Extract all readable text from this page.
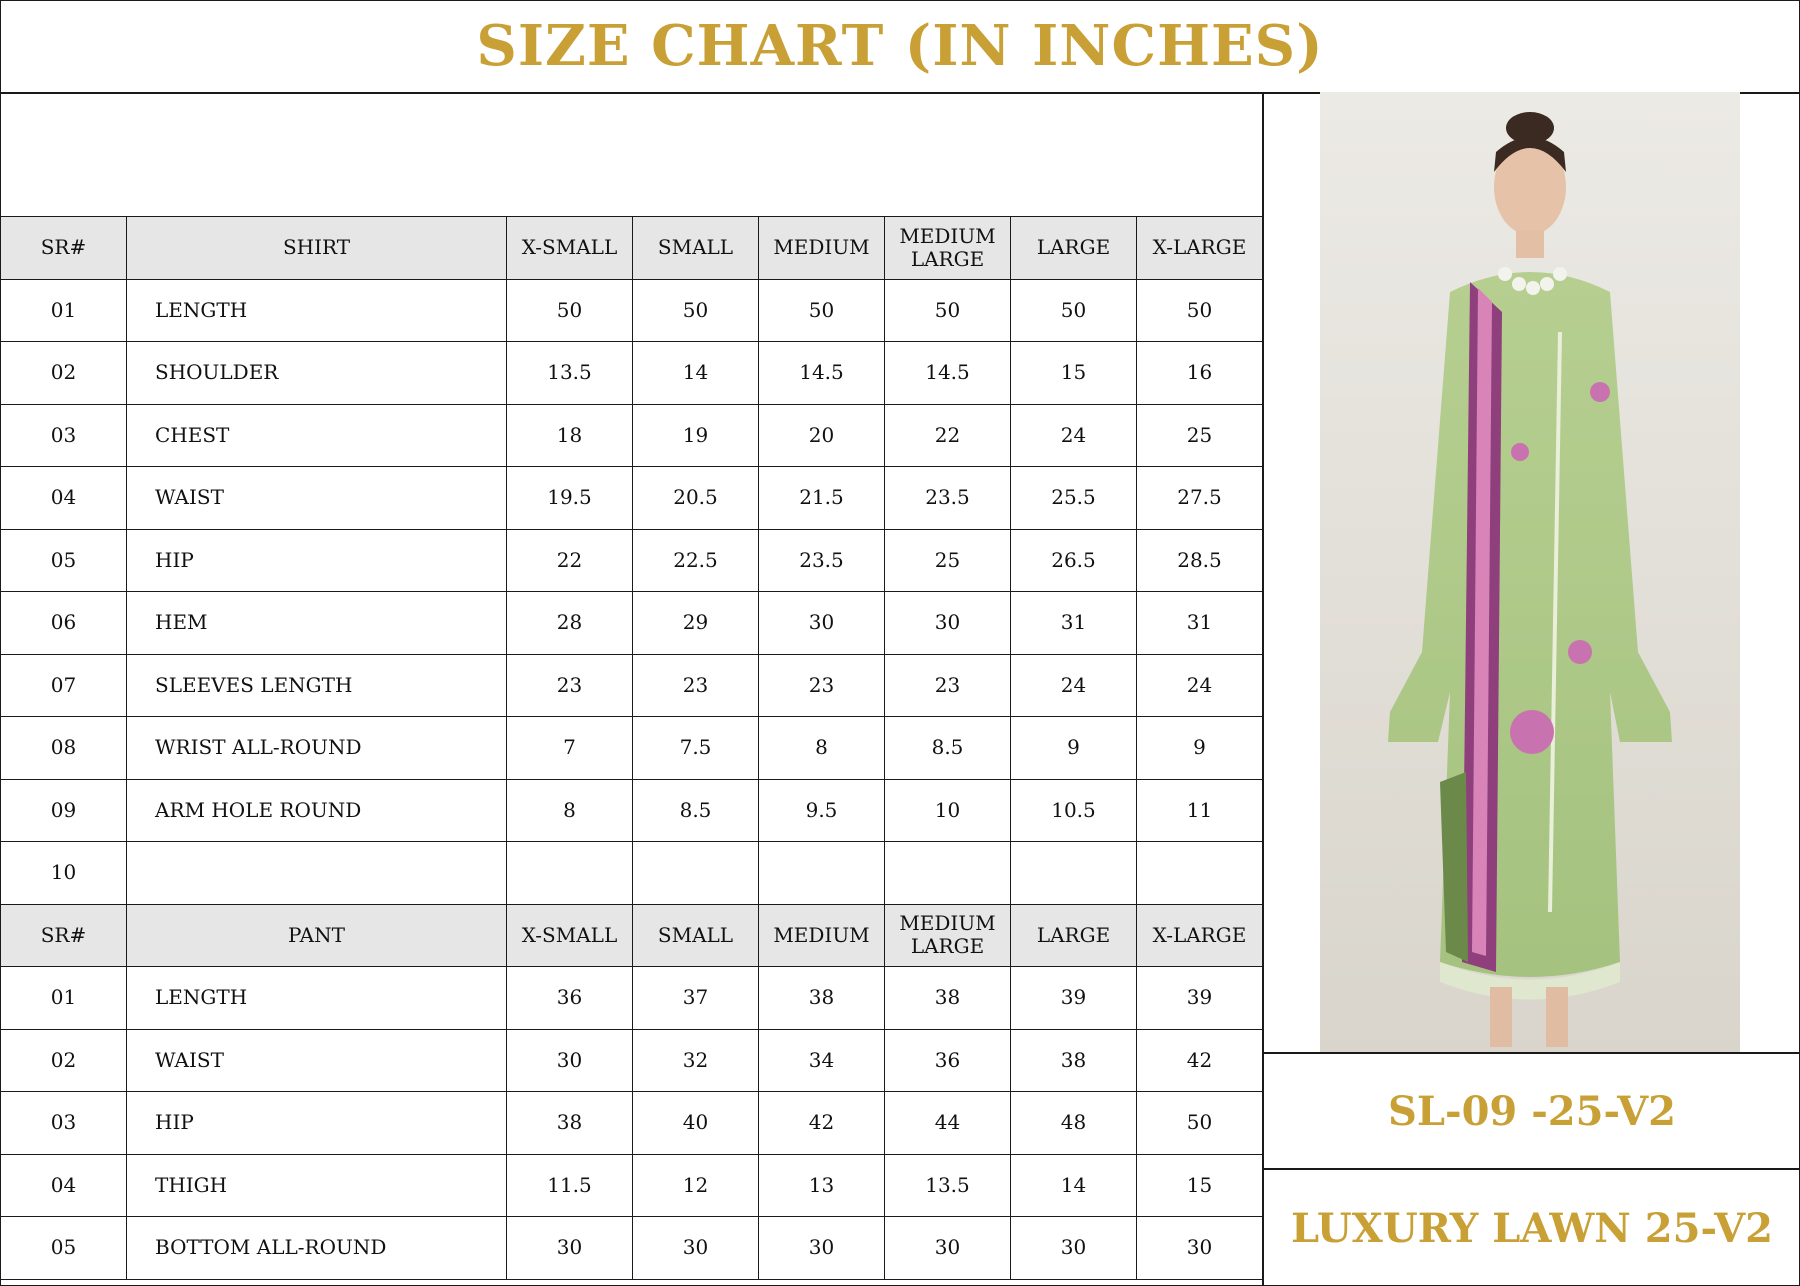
SIZE CHART (IN INCHES)
SR#	SHIRT	X-SMALL	SMALL	MEDIUM	MEDIUM LARGE	LARGE	X-LARGE
01	LENGTH	50	50	50	50	50	50
02	SHOULDER	13.5	14	14.5	14.5	15	16
03	CHEST	18	19	20	22	24	25
04	WAIST	19.5	20.5	21.5	23.5	25.5	27.5
05	HIP	22	22.5	23.5	25	26.5	28.5
06	HEM	28	29	30	30	31	31
07	SLEEVES LENGTH	23	23	23	23	24	24
08	WRIST ALL-ROUND	7	7.5	8	8.5	9	9
09	ARM HOLE ROUND	8	8.5	9.5	10	10.5	11
10							
SR#	PANT	X-SMALL	SMALL	MEDIUM	MEDIUM LARGE	LARGE	X-LARGE
01	LENGTH	36	37	38	38	39	39
02	WAIST	30	32	34	36	38	42
03	HIP	38	40	42	44	48	50
04	THIGH	11.5	12	13	13.5	14	15
05	BOTTOM ALL-ROUND	30	30	30	30	30	30
SL-09 -25-V2
LUXURY LAWN 25-V2
